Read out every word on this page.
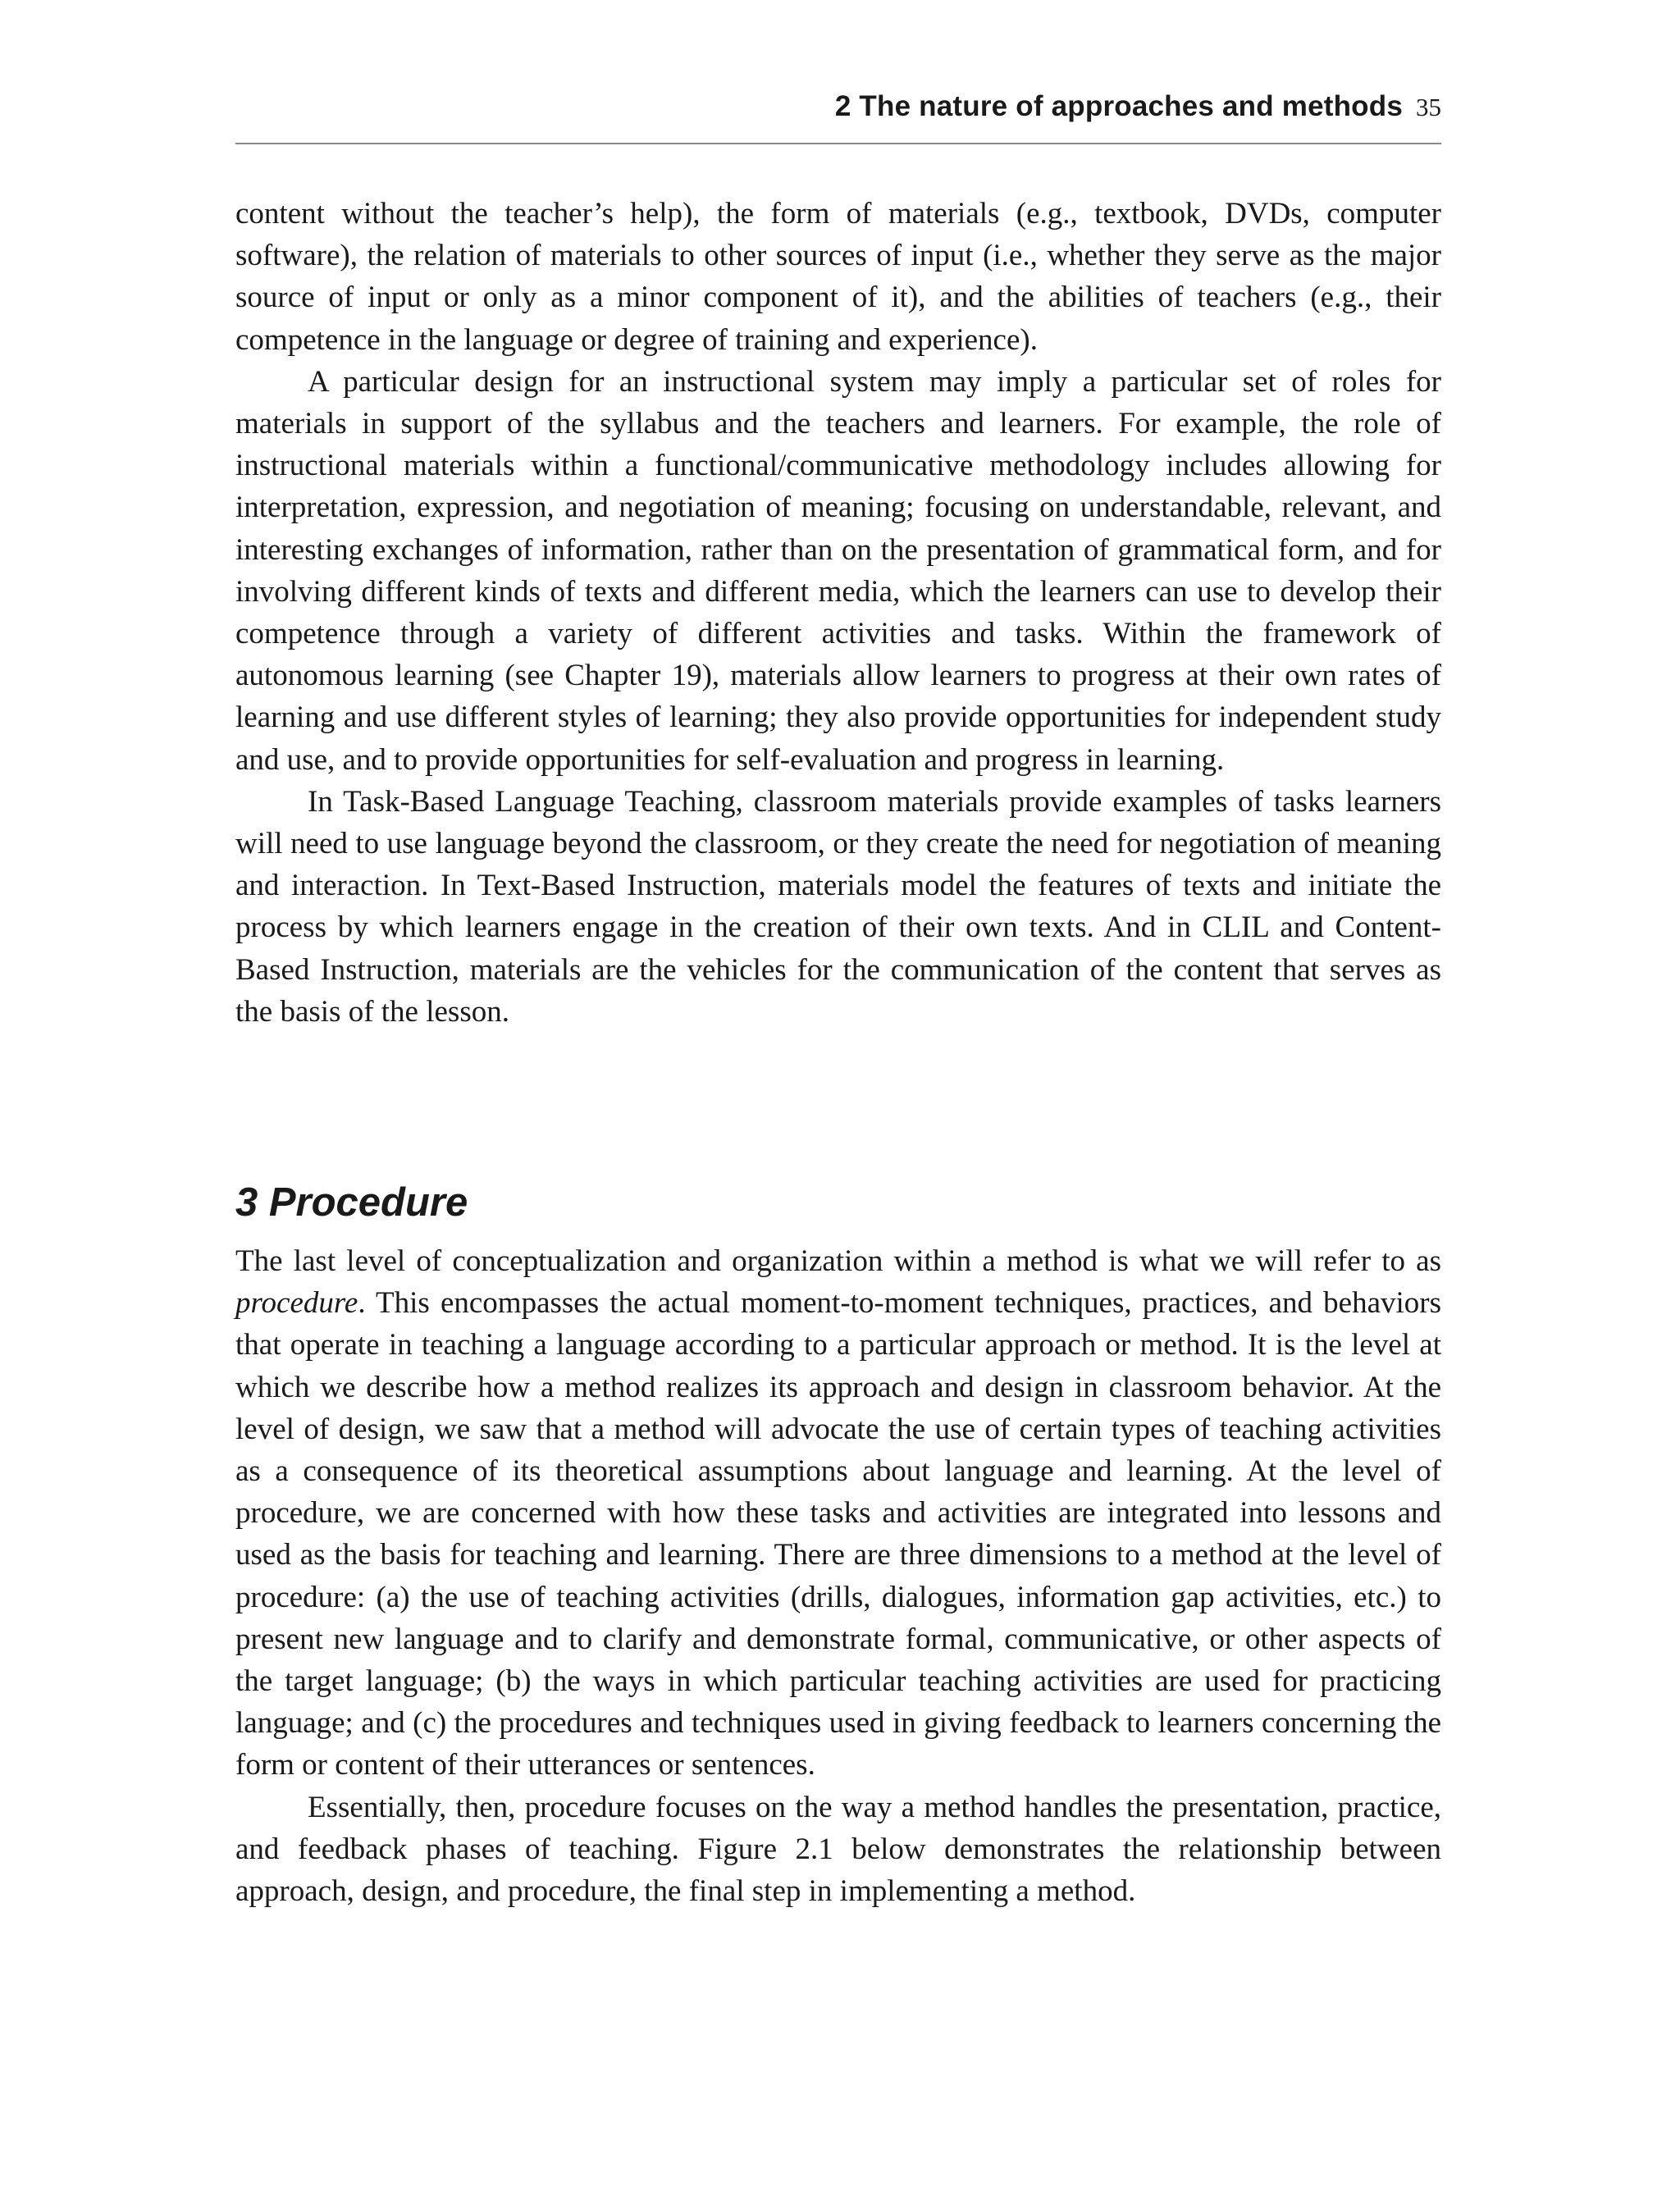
2 The nature of approaches and methods 35

content without the teacher’s help), the form of materials (e.g., textbook, DVDs, computer software), the relation of materials to other sources of input (i.e., whether they serve as the major source of input or only as a minor component of it), and the abilities of teachers (e.g., their competence in the language or degree of training and experience).

A particular design for an instructional system may imply a particular set of roles for materials in support of the syllabus and the teachers and learners. For example, the role of instructional materials within a functional/communicative methodology includes allowing for interpretation, expression, and negotiation of meaning; focusing on understandable, relevant, and interesting exchanges of information, rather than on the presentation of grammatical form, and for involving different kinds of texts and different media, which the learners can use to develop their competence through a variety of different activities and tasks. Within the framework of autonomous learning (see Chapter 19), materials allow learners to progress at their own rates of learning and use different styles of learning; they also provide opportunities for independent study and use, and to provide opportunities for self-evaluation and progress in learning.

In Task-Based Language Teaching, classroom materials provide examples of tasks learners will need to use language beyond the classroom, or they create the need for negotiation of meaning and interaction. In Text-Based Instruction, materials model the features of texts and initiate the process by which learners engage in the creation of their own texts. And in CLIL and Content-Based Instruction, materials are the vehicles for the communication of the content that serves as the basis of the lesson.

3 Procedure

The last level of conceptualization and organization within a method is what we will refer to as procedure. This encompasses the actual moment-to-moment techniques, practices, and behaviors that operate in teaching a language according to a particular approach or method. It is the level at which we describe how a method realizes its approach and design in classroom behavior. At the level of design, we saw that a method will advocate the use of certain types of teaching activities as a consequence of its theoretical assumptions about language and learning. At the level of procedure, we are concerned with how these tasks and activities are integrated into lessons and used as the basis for teaching and learning. There are three dimensions to a method at the level of procedure: (a) the use of teaching activities (drills, dialogues, information gap activities, etc.) to present new language and to clarify and demonstrate formal, communicative, or other aspects of the target language; (b) the ways in which particular teaching activities are used for practicing language; and (c) the procedures and techniques used in giving feedback to learners concerning the form or content of their utterances or sentences.

Essentially, then, procedure focuses on the way a method handles the presentation, practice, and feedback phases of teaching. Figure 2.1 below demonstrates the relationship between approach, design, and procedure, the final step in implementing a method.
